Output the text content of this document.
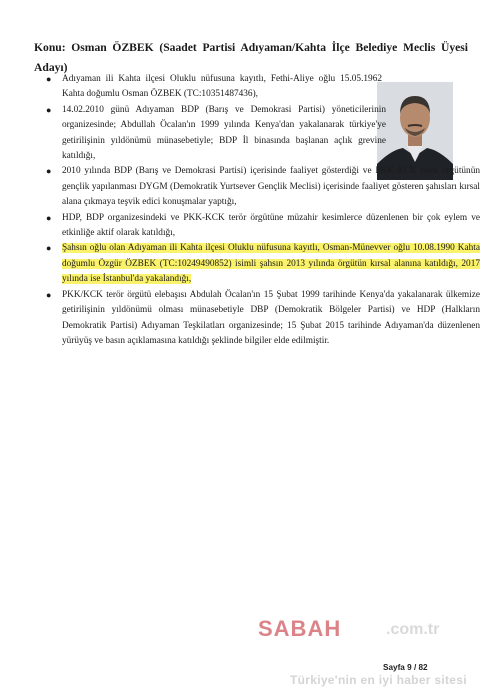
Konu: Osman ÖZBEK (Saadet Partisi Adıyaman/Kahta İlçe Belediye Meclis Üyesi Adayı)
● Adıyaman ili Kahta ilçesi Oluklu nüfusuna kayıtlı, Fethi-Aliye oğlu 15.05.1962 Kahta doğumlu Osman ÖZBEK (TC:10351487436),
● 14.02.2010 günü Adıyaman BDP (Barış ve Demokrasi Partisi) yöneticilerinin organizesinde; Abdullah Öcalan'ın 1999 yılında Kenya'dan yakalanarak türkiye'ye getirilişinin yıldönümü münasebetiyle; BDP İl binasında başlanan açlık grevine katıldığı,
● 2010 yılında BDP (Barış ve Demokrasi Partisi) içerisinde faaliyet gösterdiği ve PKK-KCK terör örgütünün gençlik yapılanması DYGM (Demokratik Yurtsever Gençlik Meclisi) içerisinde faaliyet gösteren şahısları kırsal alana çıkmaya teşvik edici konuşmalar yaptığı,
● HDP, BDP organizesindeki ve PKK-KCK terör örgütüne müzahir kesimlerce düzenlenen bir çok eylem ve etkinliğe aktif olarak katıldığı,
● Şahsın oğlu olan Adıyaman ili Kahta ilçesi Oluklu nüfusuna kayıtlı, Osman-Münevver oğlu 10.08.1990 Kahta doğumlu Özgür ÖZBEK (TC:10249490852) isimli şahsın 2013 yılında örgütün kırsal alanına katıldığı, 2017 yılında ise İstanbul'da yakalandığı,
● PKK/KCK terör örgütü elebaşısı Abdulah Öcalan'ın 15 Şubat 1999 tarihinde Kenya'da yakalanarak ülkemize getirilişinin yıldönümü olması münasebetiyle DBP (Demokratik Bölgeler Partisi) ve HDP (Halkların Demokratik Partisi) Adıyaman Teşkilatları organizesinde; 15 Şubat 2015 tarihinde Adıyaman'da düzenlenen yürüyüş ve basın açıklamasına katıldığı şeklinde bilgiler elde edilmiştir.
SABAH	.com.tr
Sayfa 9 / 82
Türkiye'nin en iyi haber sitesi
